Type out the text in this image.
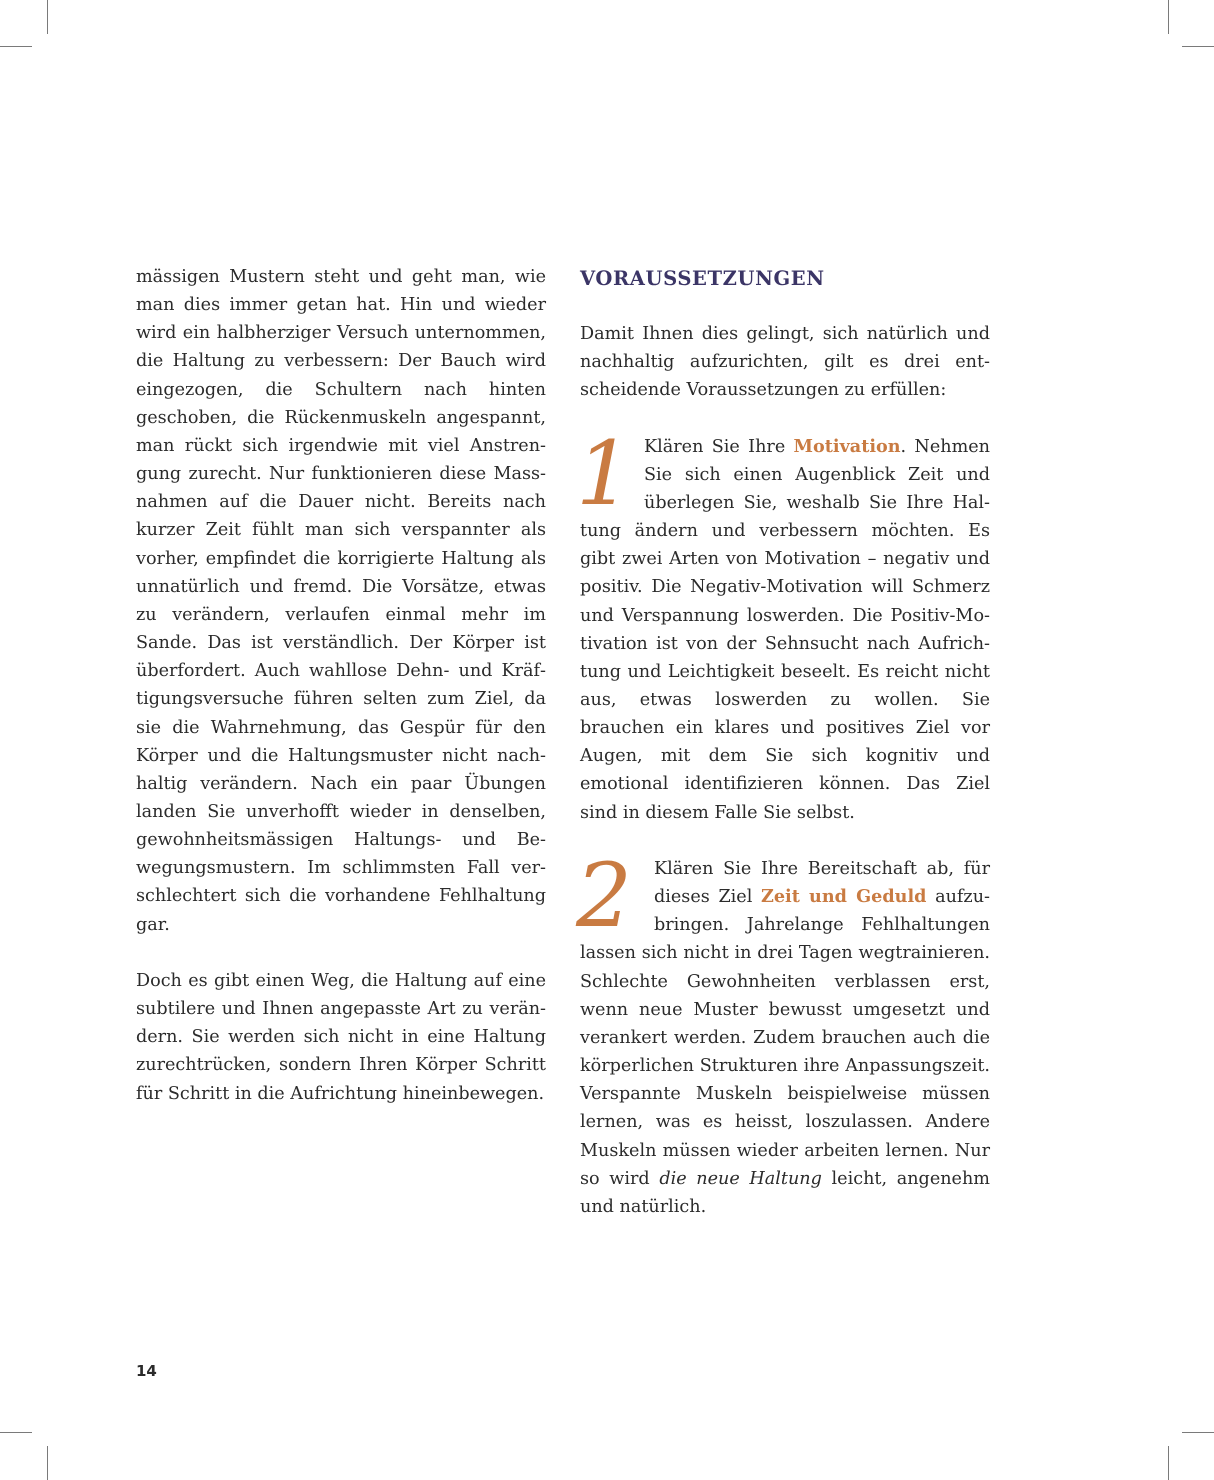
mässigen Mustern steht und geht man, wie man dies immer getan hat. Hin und wieder wird ein halbherziger Versuch unternommen, die Haltung zu verbessern: Der Bauch wird eingezogen, die Schultern nach hinten geschoben, die Rückenmuskeln angespannt, man rückt sich irgendwie mit viel Anstrengung zurecht. Nur funktionieren diese Massnahmen auf die Dauer nicht. Bereits nach kurzer Zeit fühlt man sich verspannter als vorher, empfindet die korrigierte Haltung als unnatürlich und fremd. Die Vorsätze, etwas zu verändern, verlaufen einmal mehr im Sande. Das ist verständlich. Der Körper ist überfordert. Auch wahllose Dehn- und Kräftigungsversuche führen selten zum Ziel, da sie die Wahrnehmung, das Gespür für den Körper und die Haltungsmuster nicht nachhaltig verändern. Nach ein paar Übungen landen Sie unverhofft wieder in denselben, gewohnheitsmässigen Haltungs- und Bewegungsmustern. Im schlimmsten Fall verschlechtert sich die vorhandene Fehlhaltung gar.

Doch es gibt einen Weg, die Haltung auf eine subtilere und Ihnen angepasste Art zu verändern. Sie werden sich nicht in eine Haltung zurechtrücken, sondern Ihren Körper Schritt für Schritt in die Aufrichtung hineinbewegen.

VORAUSSETZUNGEN

Damit Ihnen dies gelingt, sich natürlich und nachhaltig aufzurichten, gilt es drei entscheidende Voraussetzungen zu erfüllen:

1 Klären Sie Ihre Motivation. Nehmen Sie sich einen Augenblick Zeit und überlegen Sie, weshalb Sie Ihre Haltung ändern und verbessern möchten. Es gibt zwei Arten von Motivation – negativ und positiv. Die Negativ-Motivation will Schmerz und Verspannung loswerden. Die Positiv-Motivation ist von der Sehnsucht nach Aufrichtung und Leichtigkeit beseelt. Es reicht nicht aus, etwas loswerden zu wollen. Sie brauchen ein klares und positives Ziel vor Augen, mit dem Sie sich kognitiv und emotional identifizieren können. Das Ziel sind in diesem Falle Sie selbst.

2	Klären Sie Ihre Bereitschaft ab, für dieses Ziel Zeit und Geduld aufzubringen. Jahrelange Fehlhaltungen lassen sich nicht in drei Tagen wegtrainieren. Schlechte Gewohnheiten verblassen erst, wenn neue Muster bewusst umgesetzt und verankert werden. Zudem brauchen auch die körperlichen Strukturen ihre Anpassungszeit. Verspannte Muskeln beispielweise müssen lernen, was es heisst, loszulassen. Andere Muskeln müssen wieder arbeiten lernen. Nur so wird die neue Haltung leicht, angenehm und natürlich.

14
